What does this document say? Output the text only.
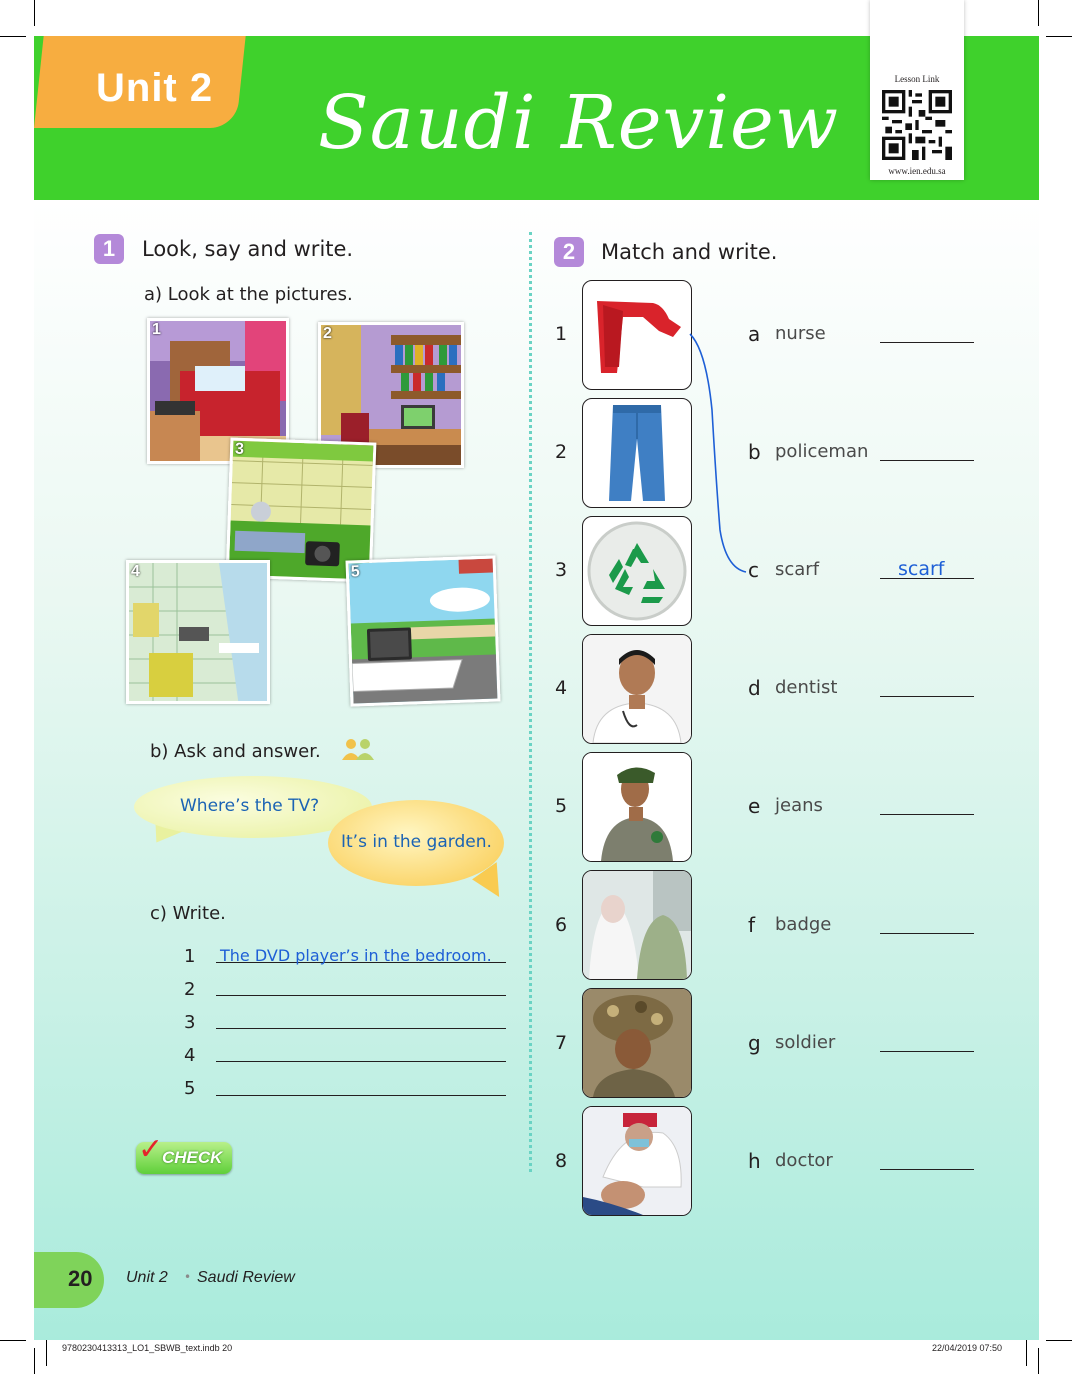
Unit 2 Saudi Review
Lesson Link
www.ien.edu.sa
1	Look, say and write.
a) Look at the pictures.
1	2
3
4	5
b) Ask and answer.
Where’s the TV?
It’s in the garden.
c) Write.
1 The DVD player’s in the bedroom.
2
3
4
5
✓
CHECK
2	Match and write.
1	a nurse
2	b policeman
3	c scarf	scarf
4	d dentist
5	e jeans
6	f badge
7	g soldier
8	h doctor
20 Unit 2 • Saudi Review
9780230413313_LO1_SBWB_text.indb 20	22/04/2019 07:50
